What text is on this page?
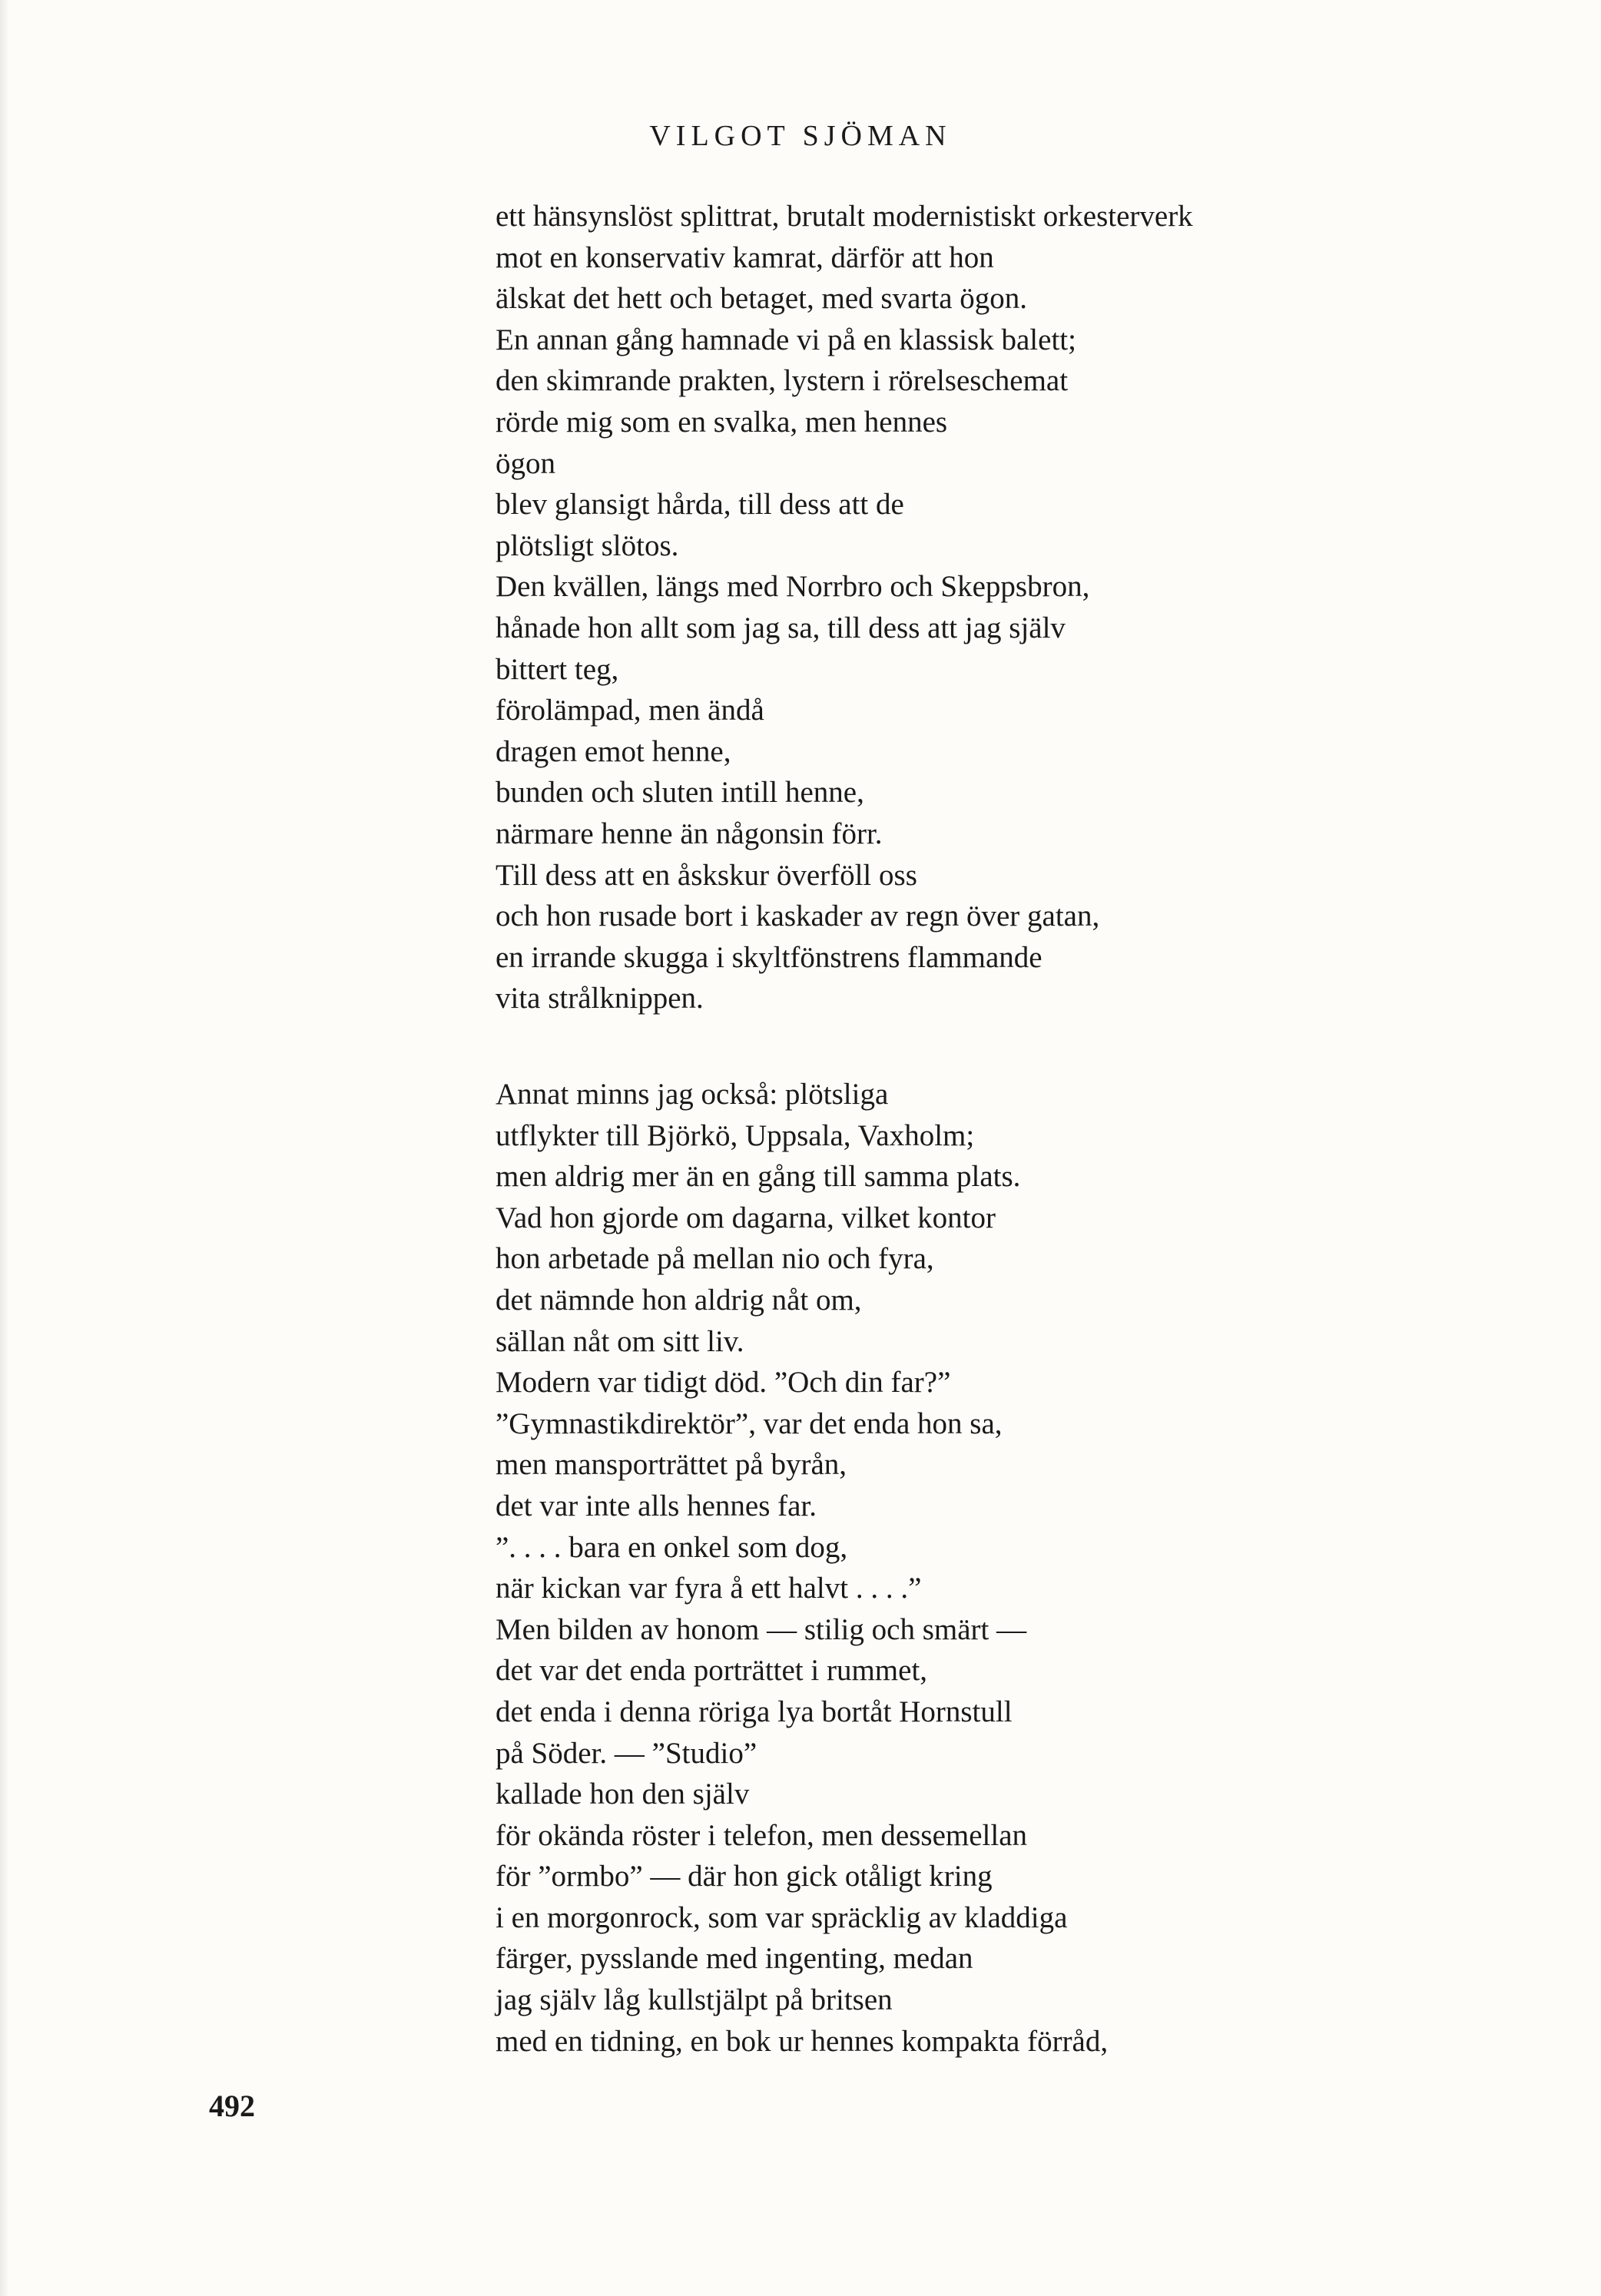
VILGOT SJÖMAN
ett hänsynslöst splittrat, brutalt modernistiskt orkesterverk
mot en konservativ kamrat, därför att hon
älskat det hett och betaget, med svarta ögon.
En annan gång hamnade vi på en klassisk balett;
den skimrande prakten, lystern i rörelseschemat
rörde mig som en svalka, men hennes
ögon
blev glansigt hårda, till dess att de
plötsligt slötos.
Den kvällen, längs med Norrbro och Skeppsbron,
hånade hon allt som jag sa, till dess att jag själv
bittert teg,
förolämpad, men ändå
dragen emot henne,
bunden och sluten intill henne,
närmare henne än någonsin förr.
Till dess att en åskskur överföll oss
och hon rusade bort i kaskader av regn över gatan,
en irrande skugga i skyltfönstrens flammande
vita strålknippen.
Annat minns jag också: plötsliga
utflykter till Björkö, Uppsala, Vaxholm;
men aldrig mer än en gång till samma plats.
Vad hon gjorde om dagarna, vilket kontor
hon arbetade på mellan nio och fyra,
det nämnde hon aldrig nåt om,
sällan nåt om sitt liv.
Modern var tidigt död. ”Och din far?”
”Gymnastikdirektör”, var det enda hon sa,
men mansporträttet på byrån,
det var inte alls hennes far.
”. . . . bara en onkel som dog,
när kickan var fyra å ett halvt . . . .”
Men bilden av honom — stilig och smärt —
det var det enda porträttet i rummet,
det enda i denna röriga lya bortåt Hornstull
på Söder. — ”Studio”
kallade hon den själv
för okända röster i telefon, men dessemellan
för ”ormbo” — där hon gick otåligt kring
i en morgonrock, som var spräcklig av kladdiga
färger, pysslande med ingenting, medan
jag själv låg kullstjälpt på britsen
med en tidning, en bok ur hennes kompakta förråd,
492
